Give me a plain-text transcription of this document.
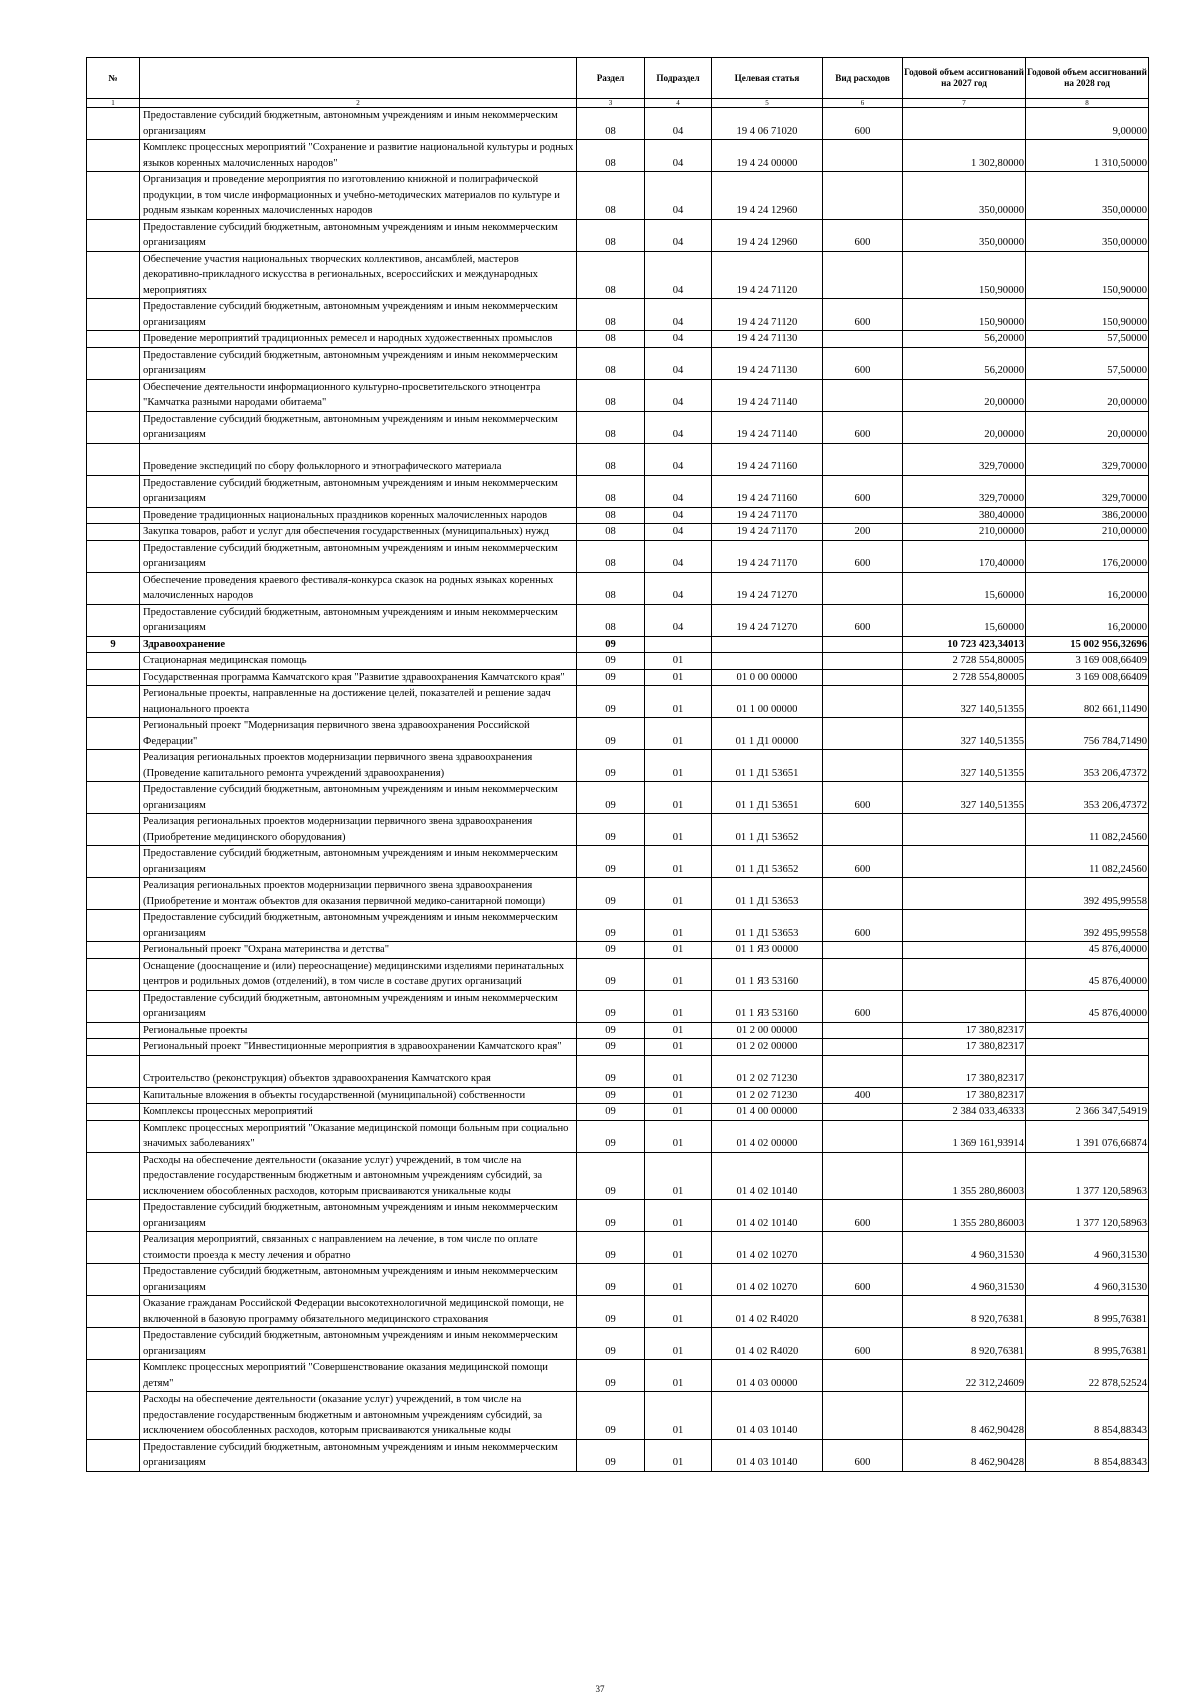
№		Раздел	Подраздел	Целевая статья	Вид расходов	Годовой объем ассигнований на 2027 год	Годовой объем ассигнований на 2028 год
1	2	3	4	5	6	7	8
	Предоставление субсидий бюджетным, автономным учреждениям и иным некоммерческим организациям	08	04	19 4 06 71020	600		9,00000
	Комплекс процессных мероприятий "Сохранение и развитие национальной культуры и родных языков коренных малочисленных народов"	08	04	19 4 24 00000		1 302,80000	1 310,50000
	Организация и проведение мероприятия по изготовлению книжной и полиграфической продукции, в том числе информационных и учебно-методических материалов по культуре и родным языкам коренных малочисленных народов	08	04	19 4 24 12960		350,00000	350,00000
	Предоставление субсидий бюджетным, автономным учреждениям и иным некоммерческим организациям	08	04	19 4 24 12960	600	350,00000	350,00000
	Обеспечение участия национальных творческих коллективов, ансамблей, мастеров декоративно-прикладного искусства в региональных, всероссийских и международных мероприятиях	08	04	19 4 24 71120		150,90000	150,90000
	Предоставление субсидий бюджетным, автономным учреждениям и иным некоммерческим организациям	08	04	19 4 24 71120	600	150,90000	150,90000
	Проведение мероприятий традиционных ремесел и народных художественных промыслов	08	04	19 4 24 71130		56,20000	57,50000
	Предоставление субсидий бюджетным, автономным учреждениям и иным некоммерческим организациям	08	04	19 4 24 71130	600	56,20000	57,50000
	Обеспечение деятельности информационного культурно-просветительского этноцентра "Камчатка разными народами обитаема"	08	04	19 4 24 71140		20,00000	20,00000
	Предоставление субсидий бюджетным, автономным учреждениям и иным некоммерческим организациям	08	04	19 4 24 71140	600	20,00000	20,00000
	Проведение экспедиций по сбору фольклорного и этнографического материала	08	04	19 4 24 71160		329,70000	329,70000
	Предоставление субсидий бюджетным, автономным учреждениям и иным некоммерческим организациям	08	04	19 4 24 71160	600	329,70000	329,70000
	Проведение традиционных национальных праздников коренных малочисленных народов	08	04	19 4 24 71170		380,40000	386,20000
	Закупка товаров, работ и услуг для обеспечения государственных (муниципальных) нужд	08	04	19 4 24 71170	200	210,00000	210,00000
	Предоставление субсидий бюджетным, автономным учреждениям и иным некоммерческим организациям	08	04	19 4 24 71170	600	170,40000	176,20000
	Обеспечение проведения краевого фестиваля-конкурса сказок на родных языках коренных малочисленных народов	08	04	19 4 24 71270		15,60000	16,20000
	Предоставление субсидий бюджетным, автономным учреждениям и иным некоммерческим организациям	08	04	19 4 24 71270	600	15,60000	16,20000
9	Здравоохранение	09				10 723 423,34013	15 002 956,32696
	Стационарная медицинская помощь	09	01			2 728 554,80005	3 169 008,66409
	Государственная программа Камчатского края "Развитие здравоохранения Камчатского края"	09	01	01 0 00 00000		2 728 554,80005	3 169 008,66409
	Региональные проекты, направленные на достижение целей, показателей и решение задач национального проекта	09	01	01 1 00 00000		327 140,51355	802 661,11490
	Региональный проект "Модернизация первичного звена здравоохранения Российской Федерации"	09	01	01 1 Д1 00000		327 140,51355	756 784,71490
	Реализация региональных проектов модернизации первичного звена здравоохранения (Проведение капитального ремонта учреждений здравоохранения)	09	01	01 1 Д1 53651		327 140,51355	353 206,47372
	Предоставление субсидий бюджетным, автономным учреждениям и иным некоммерческим организациям	09	01	01 1 Д1 53651	600	327 140,51355	353 206,47372
	Реализация региональных проектов модернизации первичного звена здравоохранения (Приобретение медицинского оборудования)	09	01	01 1 Д1 53652			11 082,24560
	Предоставление субсидий бюджетным, автономным учреждениям и иным некоммерческим организациям	09	01	01 1 Д1 53652	600		11 082,24560
	Реализация региональных проектов модернизации первичного звена здравоохранения (Приобретение и монтаж объектов для оказания первичной медико-санитарной помощи)	09	01	01 1 Д1 53653			392 495,99558
	Предоставление субсидий бюджетным, автономным учреждениям и иным некоммерческим организациям	09	01	01 1 Д1 53653	600		392 495,99558
	Региональный проект "Охрана материнства и детства"	09	01	01 1 Я3 00000			45 876,40000
	Оснащение (дооснащение и (или) переоснащение) медицинскими изделиями перинатальных центров и родильных домов (отделений), в том числе в составе других организаций	09	01	01 1 Я3 53160			45 876,40000
	Предоставление субсидий бюджетным, автономным учреждениям и иным некоммерческим организациям	09	01	01 1 Я3 53160	600		45 876,40000
	Региональные проекты	09	01	01 2 00 00000		17 380,82317	
	Региональный проект "Инвестиционные мероприятия в здравоохранении Камчатского края"	09	01	01 2 02 00000		17 380,82317	
	Строительство (реконструкция) объектов здравоохранения Камчатского края	09	01	01 2 02 71230		17 380,82317	
	Капитальные вложения в объекты государственной (муниципальной) собственности	09	01	01 2 02 71230	400	17 380,82317	
	Комплексы процессных мероприятий	09	01	01 4 00 00000		2 384 033,46333	2 366 347,54919
	Комплекс процессных мероприятий "Оказание медицинской помощи больным при социально значимых заболеваниях"	09	01	01 4 02 00000		1 369 161,93914	1 391 076,66874
	Расходы на обеспечение деятельности (оказание услуг) учреждений, в том числе на предоставление государственным бюджетным и автономным учреждениям субсидий, за исключением обособленных расходов, которым присваиваются уникальные коды	09	01	01 4 02 10140		1 355 280,86003	1 377 120,58963
	Предоставление субсидий бюджетным, автономным учреждениям и иным некоммерческим организациям	09	01	01 4 02 10140	600	1 355 280,86003	1 377 120,58963
	Реализация мероприятий, связанных с направлением на лечение, в том числе по оплате стоимости проезда к месту лечения и обратно	09	01	01 4 02 10270		4 960,31530	4 960,31530
	Предоставление субсидий бюджетным, автономным учреждениям и иным некоммерческим организациям	09	01	01 4 02 10270	600	4 960,31530	4 960,31530
	Оказание гражданам Российской Федерации высокотехнологичной медицинской помощи, не включенной в базовую программу обязательного медицинского страхования	09	01	01 4 02 R4020		8 920,76381	8 995,76381
	Предоставление субсидий бюджетным, автономным учреждениям и иным некоммерческим организациям	09	01	01 4 02 R4020	600	8 920,76381	8 995,76381
	Комплекс процессных мероприятий "Совершенствование оказания медицинской помощи детям"	09	01	01 4 03 00000		22 312,24609	22 878,52524
	Расходы на обеспечение деятельности (оказание услуг) учреждений, в том числе на предоставление государственным бюджетным и автономным учреждениям субсидий, за исключением обособленных расходов, которым присваиваются уникальные коды	09	01	01 4 03 10140		8 462,90428	8 854,88343
	Предоставление субсидий бюджетным, автономным учреждениям и иным некоммерческим организациям	09	01	01 4 03 10140	600	8 462,90428	8 854,88343
37
